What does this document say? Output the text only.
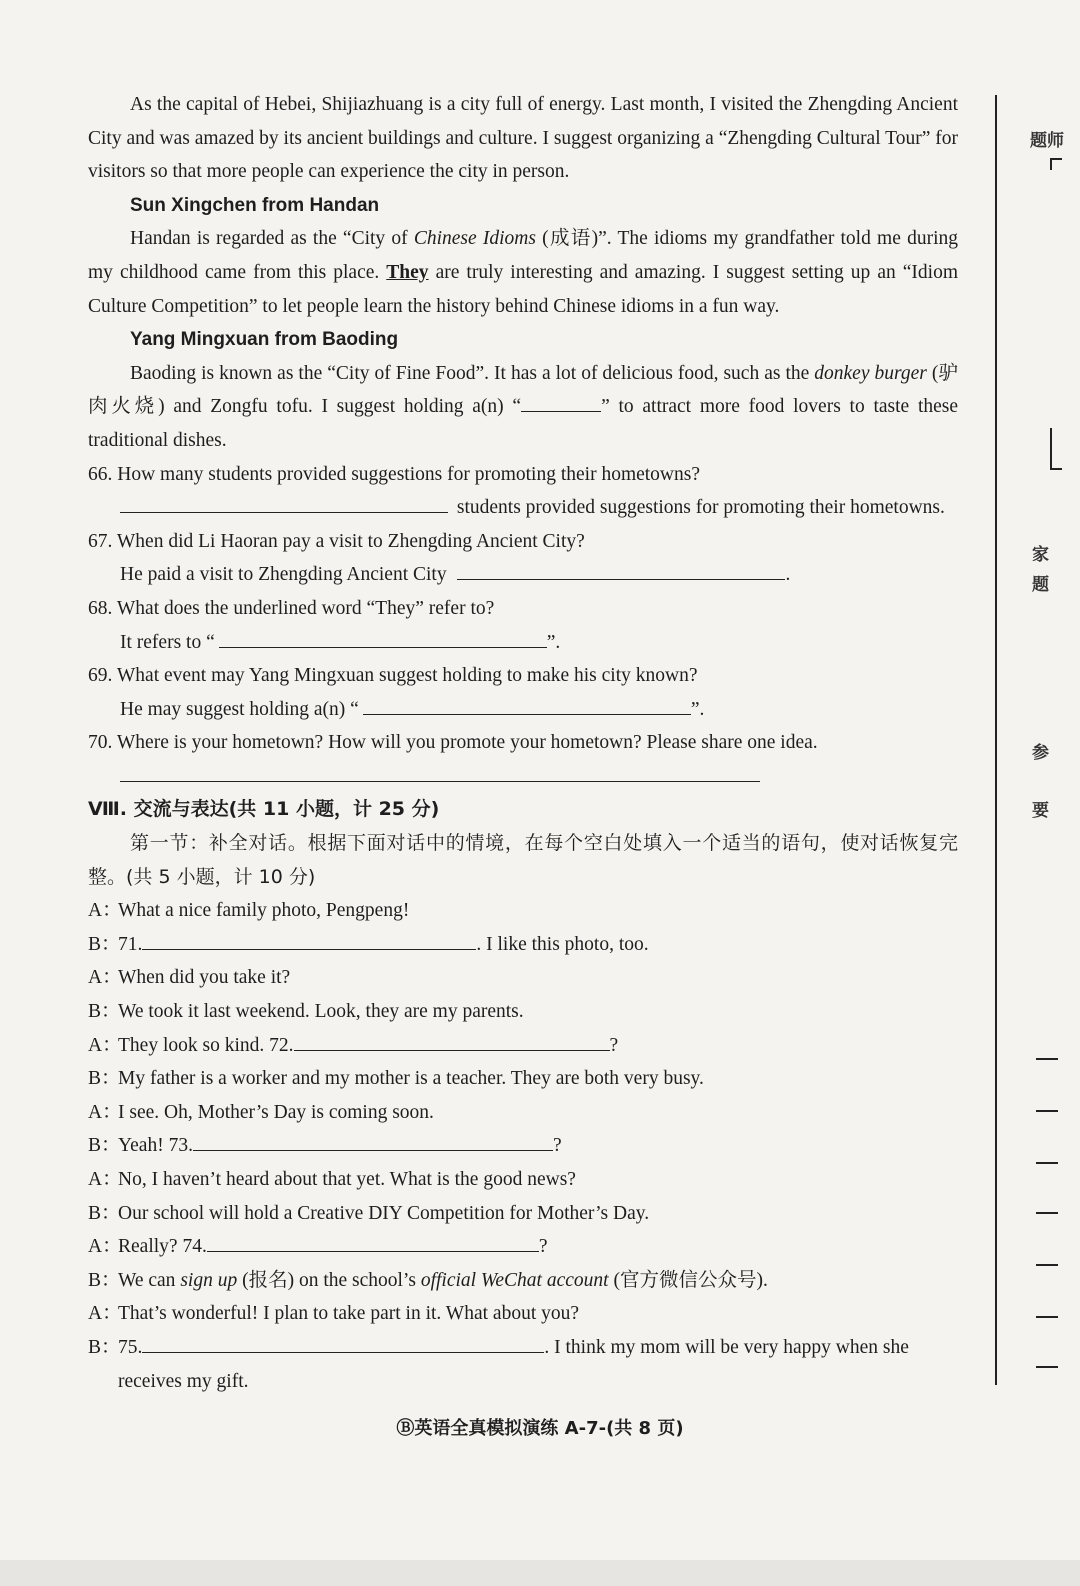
As the capital of Hebei, Shijiazhuang is a city full of energy. Last month, I visited the Zhengding Ancient City and was amazed by its ancient buildings and culture. I suggest organizing a “Zhengding Cultural Tour” for visitors so that more people can experience the city in person.
Sun Xingchen from Handan
Handan is regarded as the “City of Chinese Idioms (成语)”. The idioms my grandfather told me during my childhood came from this place. They are truly interesting and amazing. I suggest setting up an “Idiom Culture Competition” to let people learn the history behind Chinese idioms in a fun way.
Yang Mingxuan from Baoding
Baoding is known as the “City of Fine Food”. It has a lot of delicious food, such as the donkey burger (驴肉火烧) and Zongfu tofu. I suggest holding a(n) “	” to attract more food lovers to taste these traditional dishes.
66. How many students provided suggestions for promoting their hometowns?
students provided suggestions for promoting their hometowns.
67. When did Li Haoran pay a visit to Zhengding Ancient City?
He paid a visit to Zhengding Ancient City	.
68. What does the underlined word “They” refer to?
It refers to “	”.
69. What event may Yang Mingxuan suggest holding to make his city known?
He may suggest holding a(n) “	”.
70. Where is your hometown? How will you promote your hometown? Please share one idea.
Ⅷ. 交流与表达(共 11 小题，计 25 分)
第一节：补全对话。根据下面对话中的情境，在每个空白处填入一个适当的语句，使对话恢复完整。(共 5 小题，计 10 分)
A：What a nice family photo, Pengpeng!
B：71.	. I like this photo, too.
A：When did you take it?
B：We took it last weekend. Look, they are my parents.
A：They look so kind. 72.	?
B：My father is a worker and my mother is a teacher. They are both very busy.
A：I see. Oh, Mother’s Day is coming soon.
B：Yeah! 73.	?
A：No, I haven’t heard about that yet. What is the good news?
B：Our school will hold a Creative DIY Competition for Mother’s Day.
A：Really? 74.	?
B：We can sign up (报名) on the school’s official WeChat account (官方微信公众号).
A：That’s wonderful! I plan to take part in it. What about you?
B：75.	. I think my mom will be very happy when she
receives my gift.
Ⓑ英语全真模拟演练 A-7-(共 8 页)
题师
家
题
参
要
